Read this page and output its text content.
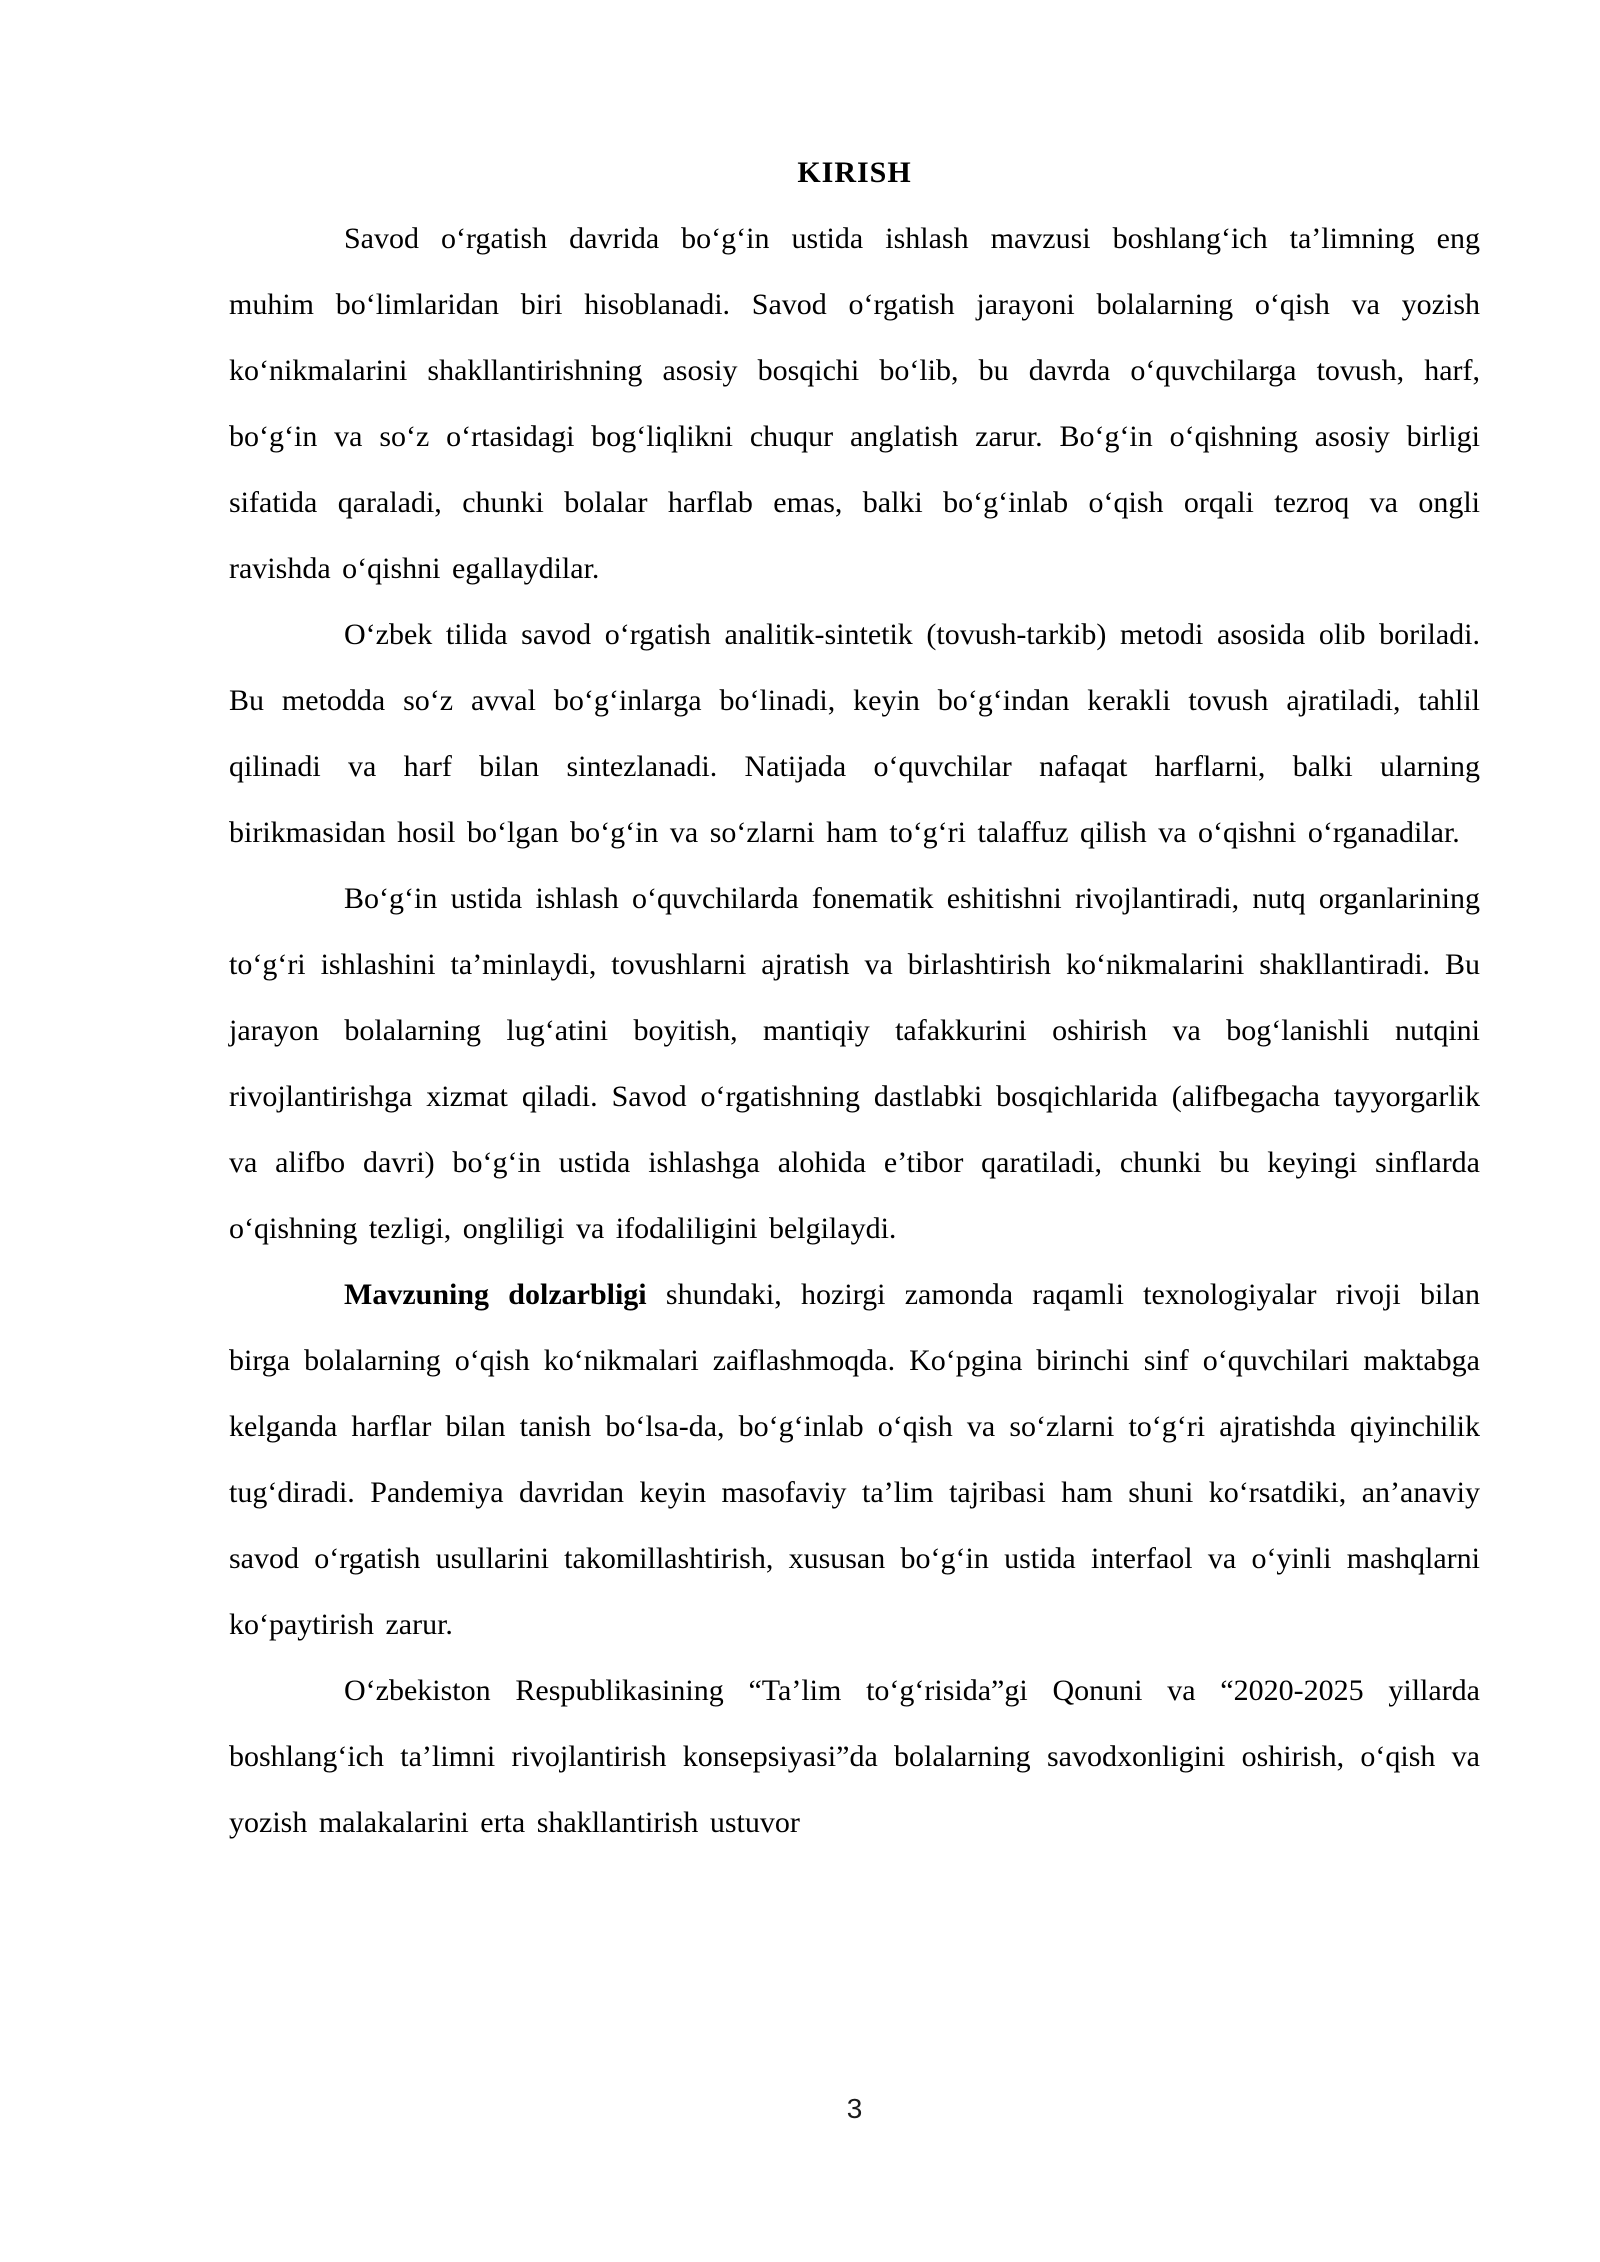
KIRISH

Savod oʻrgatish davrida boʻgʻin ustida ishlash mavzusi boshlangʻich ta’limning eng muhim boʻlimlaridan biri hisoblanadi. Savod oʻrgatish jarayoni bolalarning oʻqish va yozish koʻnikmalarini shakllantirishning asosiy bosqichi boʻlib, bu davrda oʻquvchilarga tovush, harf, boʻgʻin va soʻz oʻrtasidagi bogʻliqlikni chuqur anglatish zarur. Boʻgʻin oʻqishning asosiy birligi sifatida qaraladi, chunki bolalar harflab emas, balki boʻgʻinlab oʻqish orqali tezroq va ongli ravishda oʻqishni egallaydilar.

Oʻzbek tilida savod oʻrgatish analitik-sintetik (tovush-tarkib) metodi asosida olib boriladi. Bu metodda soʻz avval boʻgʻinlarga boʻlinadi, keyin boʻgʻindan kerakli tovush ajratiladi, tahlil qilinadi va harf bilan sintezlanadi. Natijada oʻquvchilar nafaqat harflarni, balki ularning birikmasidan hosil boʻlgan boʻgʻin va soʻzlarni ham toʻgʻri talaffuz qilish va oʻqishni oʻrganadilar.

Boʻgʻin ustida ishlash oʻquvchilarda fonematik eshitishni rivojlantiradi, nutq organlarining toʻgʻri ishlashini ta’minlaydi, tovushlarni ajratish va birlashtirish koʻnikmalarini shakllantiradi. Bu jarayon bolalarning lugʻatini boyitish, mantiqiy tafakkurini oshirish va bogʻlanishli nutqini rivojlantirishga xizmat qiladi. Savod oʻrgatishning dastlabki bosqichlarida (alifbegacha tayyorgarlik va alifbo davri) boʻgʻin ustida ishlashga alohida e’tibor qaratiladi, chunki bu keyingi sinflarda oʻqishning tezligi, ongliligi va ifodaliligini belgilaydi.

Mavzuning dolzarbligi shundaki, hozirgi zamonda raqamli texnologiyalar rivoji bilan birga bolalarning oʻqish koʻnikmalari zaiflashmoqda. Koʻpgina birinchi sinf oʻquvchilari maktabga kelganda harflar bilan tanish boʻlsa-da, boʻgʻinlab oʻqish va soʻzlarni toʻgʻri ajratishda qiyinchilik tugʻdiradi. Pandemiya davridan keyin masofaviy ta’lim tajribasi ham shuni koʻrsatdiki, an’anaviy savod oʻrgatish usullarini takomillashtirish, xususan boʻgʻin ustida interfaol va oʻyinli mashqlarni koʻpaytirish zarur.

Oʻzbekiston Respublikasining “Ta’lim toʻgʻrisida”gi Qonuni va “2020-2025 yillarda boshlangʻich ta’limni rivojlantirish konsepsiyasi”da bolalarning savodxonligini oshirish, oʻqish va yozish malakalarini erta shakllantirish ustuvor

3
